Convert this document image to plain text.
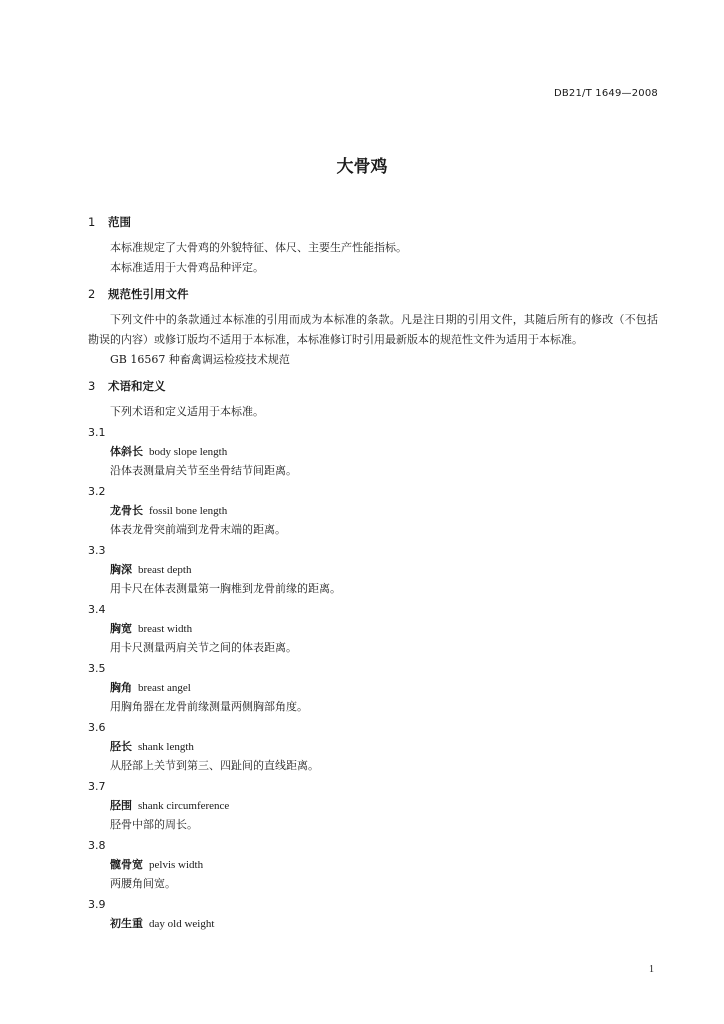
DB21/T 1649—2008
大骨鸡
1 范围

本标准规定了大骨鸡的外貌特征、体尺、主要生产性能指标。

本标准适用于大骨鸡品种评定。

2 规范性引用文件

下列文件中的条款通过本标准的引用而成为本标准的条款。凡是注日期的引用文件，其随后所有的修改（不包括勘误的内容）或修订版均不适用于本标准，本标准修订时引用最新版本的规范性文件为适用于本标准。

GB 16567 种畜禽调运检疫技术规范

3 术语和定义

下列术语和定义适用于本标准。

3.1
体斜长 body slope length
沿体表测量肩关节至坐骨结节间距离。
3.2
龙骨长 fossil bone length
体表龙骨突前端到龙骨末端的距离。
3.3
胸深 breast depth
用卡尺在体表测量第一胸椎到龙骨前缘的距离。
3.4
胸宽 breast width
用卡尺测量两肩关节之间的体表距离。
3.5
胸角 breast angel
用胸角器在龙骨前缘测量两侧胸部角度。
3.6
胫长 shank length
从胫部上关节到第三、四趾间的直线距离。
3.7
胫围 shank circumference
胫骨中部的周长。
3.8
髋骨宽 pelvis width
两腰角间宽。
3.9
初生重 day old weight
1
